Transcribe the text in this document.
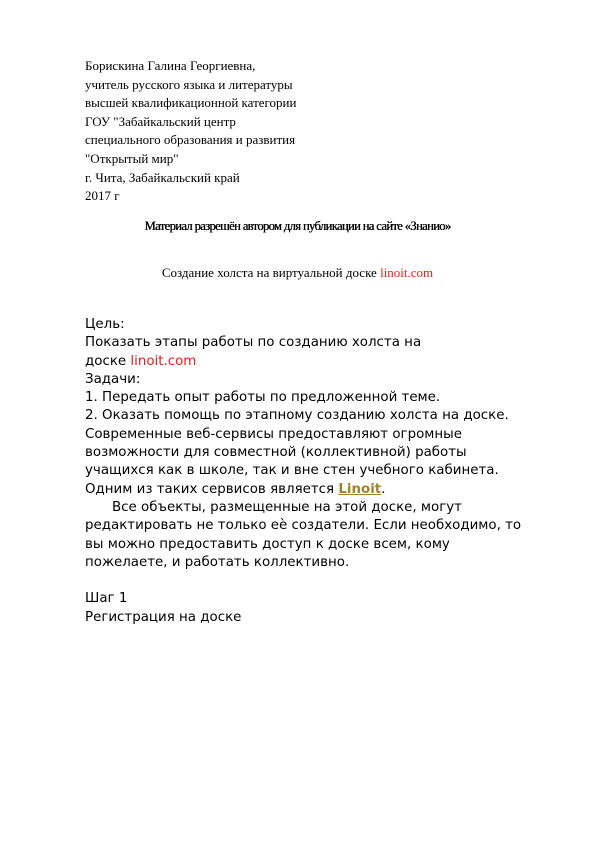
Борискина Галина Георгиевна,
учитель русского языка и литературы
высшей квалификационной категории
ГОУ "Забайкальский центр
специального образования и развития
"Открытый мир"
г. Чита, Забайкальский край
2017 г
Материал разрешён автором для публикации на сайте «Знанио»
Создание холста на виртуальной доске linoit.com
Цель:
Показать этапы работы по созданию холста на
доске linoit.com
Задачи:
1. Передать опыт работы по предложенной теме.
2. Оказать помощь по этапному созданию холста на доске.
Современные веб-сервисы предоставляют огромные
возможности для совместной (коллективной) работы
учащихся как в школе, так и вне стен учебного кабинета.
Одним из таких сервисов является Linoit.
Все объекты, размещенные на этой доске, могут
редактировать не только еѐ создатели. Если необходимо, то
вы можно предоставить доступ к доске всем, кому
пожелаете, и работать коллективно.
Шаг 1
Регистрация на доске
